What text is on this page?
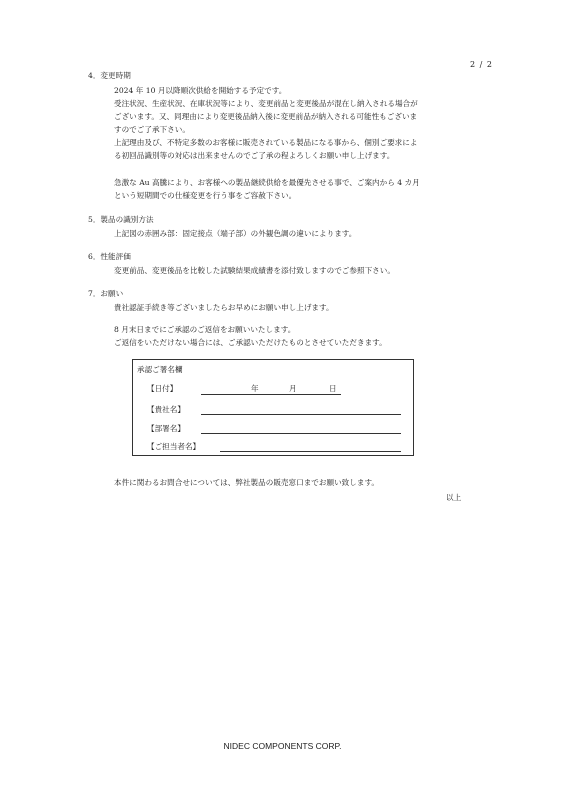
2 / 2
4．変更時期
2024 年 10 月以降順次供給を開始する予定です。
受注状況、生産状況、在庫状況等により、変更前品と変更後品が混在し納入される場合が
ございます。又、同理由により変更後品納入後に変更前品が納入される可能性もございま
すのでご了承下さい。
上記理由及び、不特定多数のお客様に販売されている製品になる事から、個別ご要求によ
る初回品識別等の対応は出来ませんのでご了承の程よろしくお願い申し上げます。
急激な Au 高騰により、お客様への製品継続供給を最優先させる事で、ご案内から 4 カ月
という短期間での仕様変更を行う事をご容赦下さい。
5．製品の識別方法
上記図の赤囲み部：固定接点（端子部）の外観色調の違いによります。
6．性能評価
変更前品、変更後品を比較した試験結果成績書を添付致しますのでご参照下さい。
7．お願い
貴社認証手続き等ございましたらお早めにお願い申し上げます。
8 月末日までにご承認のご返信をお願いいたします。
ご返信をいただけない場合には、ご承認いただけたものとさせていただきます。
承認ご署名欄
【日付】	年	月	日
【貴社名】
【部署名】
【ご担当者名】
本件に関わるお問合せについては、弊社製品の販売窓口までお願い致します。
以上
NIDEC COMPONENTS CORP.
